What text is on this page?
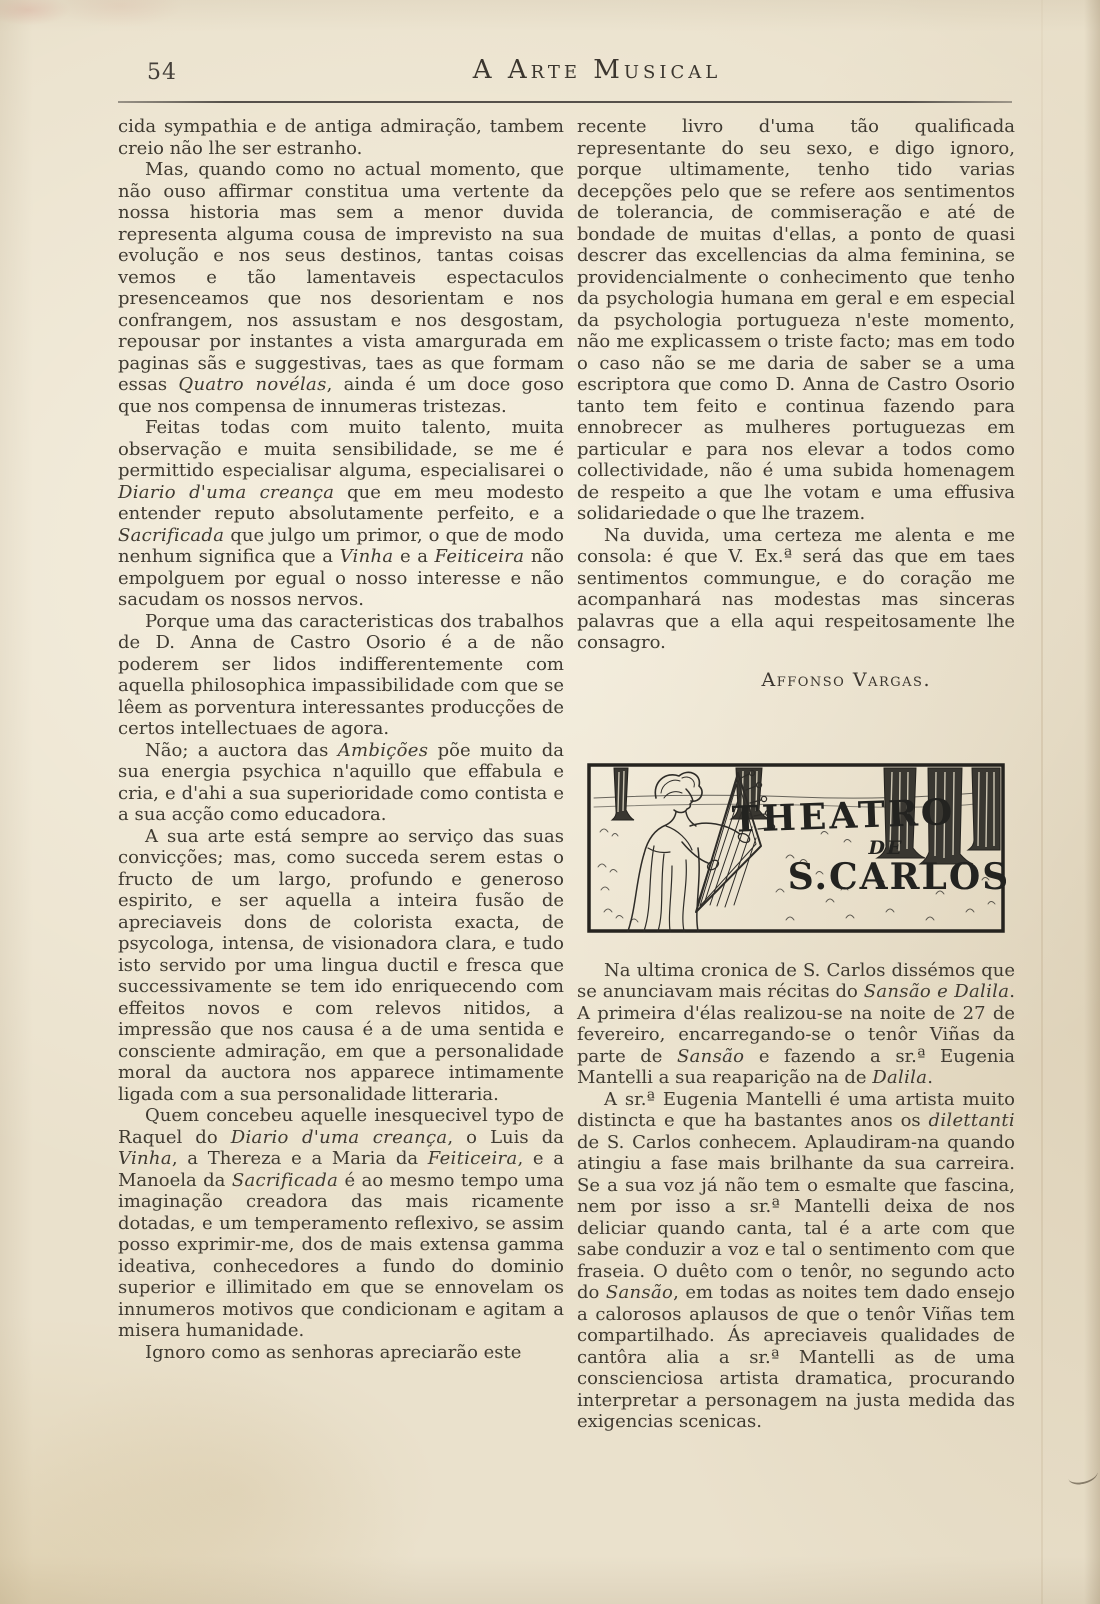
54	A Arte Musical

cida sympathia e de antiga admiração, tambem creio não lhe ser estranho.

Mas, quando como no actual momento, que não ouso affirmar constitua uma vertente da nossa historia mas sem a menor duvida representa alguma cousa de imprevisto na sua evolução e nos seus destinos, tantas coisas vemos e tão lamentaveis espectaculos presenceamos que nos desorientam e nos confrangem, nos assustam e nos desgostam, repousar por instantes a vista amargurada em paginas sãs e suggestivas, taes as que formam essas Quatro novélas, ainda é um doce goso que nos compensa de innumeras tristezas.

Feitas todas com muito talento, muita observação e muita sensibilidade, se me é permittido especialisar alguma, especialisarei o Diario d'uma creança que em meu modesto entender reputo absolutamente perfeito, e a Sacrificada que julgo um primor, o que de modo nenhum significa que a Vinha e a Feiticeira não empolguem por egual o nosso interesse e não sacudam os nossos nervos.

Porque uma das caracteristicas dos trabalhos de D. Anna de Castro Osorio é a de não poderem ser lidos indifferentemente com aquella philosophica impassibilidade com que se lêem as porventura interessantes producções de certos intellectuaes de agora.

Não; a auctora das Ambições põe muito da sua energia psychica n'aquillo que effabula e cria, e d'ahi a sua superioridade como contista e a sua acção como educadora.

A sua arte está sempre ao serviço das suas convicções; mas, como succeda serem estas o fructo de um largo, profundo e generoso espirito, e ser aquella a inteira fusão de apreciaveis dons de colorista exacta, de psycologa, intensa, de visionadora clara, e tudo isto servido por uma lingua ductil e fresca que successivamente se tem ido enriquecendo com effeitos novos e com relevos nitidos, a impressão que nos causa é a de uma sentida e consciente admiração, em que a personalidade moral da auctora nos apparece intimamente ligada com a sua personalidade litteraria.

Quem concebeu aquelle inesquecivel typo de Raquel do Diario d'uma creança, o Luis da Vinha, a Thereza e a Maria da Feiticeira, e a Manoela da Sacrificada é ao mesmo tempo uma imaginação creadora das mais ricamente dotadas, e um temperamento reflexivo, se assim posso exprimir-me, dos de mais extensa gamma ideativa, conhecedores a fundo do dominio superior e illimitado em que se ennovelam os innumeros motivos que condicionam e agitam a misera humanidade.

Ignoro como as senhoras apreciarão este

recente livro d'uma tão qualificada representante do seu sexo, e digo ignoro, porque ultimamente, tenho tido varias decepções pelo que se refere aos sentimentos de tolerancia, de commiseração e até de bondade de muitas d'ellas, a ponto de quasi descrer das excellencias da alma feminina, se providencialmente o conhecimento que tenho da psychologia humana em geral e em especial da psychologia portugueza n'este momento, não me explicassem o triste facto; mas em todo o caso não se me daria de saber se a uma escriptora que como D. Anna de Castro Osorio tanto tem feito e continua fazendo para ennobrecer as mulheres portuguezas em particular e para nos elevar a todos como collectividade, não é uma subida homenagem de respeito a que lhe votam e uma effusiva solidariedade o que lhe trazem.

Na duvida, uma certeza me alenta e me consola: é que V. Ex.ª será das que em taes sentimentos commungue, e do coração me acompanhará nas modestas mas sinceras palavras que a ella aqui respeitosamente lhe consagro.

Affonso Vargas.
THEATRO
DE
S.CARLOS

Na ultima cronica de S. Carlos dissémos que se anunciavam mais récitas do Sansão e Dalila. A primeira d'élas realizou-se na noite de 27 de fevereiro, encarregando-se o tenôr Viñas da parte de Sansão e fazendo a sr.ª Eugenia Mantelli a sua reaparição na de Dalila.

A sr.ª Eugenia Mantelli é uma artista muito distincta e que ha bastantes anos os dilettanti de S. Carlos conhecem. Aplaudiram-na quando atingiu a fase mais brilhante da sua carreira. Se a sua voz já não tem o esmalte que fascina, nem por isso a sr.ª Mantelli deixa de nos deliciar quando canta, tal é a arte com que sabe conduzir a voz e tal o sentimento com que fraseia. O duêto com o tenôr, no segundo acto do Sansão, em todas as noites tem dado ensejo a calorosos aplausos de que o tenôr Viñas tem compartilhado. Ás apreciaveis qualidades de cantôra alia a sr.ª Mantelli as de uma conscienciosa artista dramatica, procurando interpretar a personagem na justa medida das exigencias scenicas.
